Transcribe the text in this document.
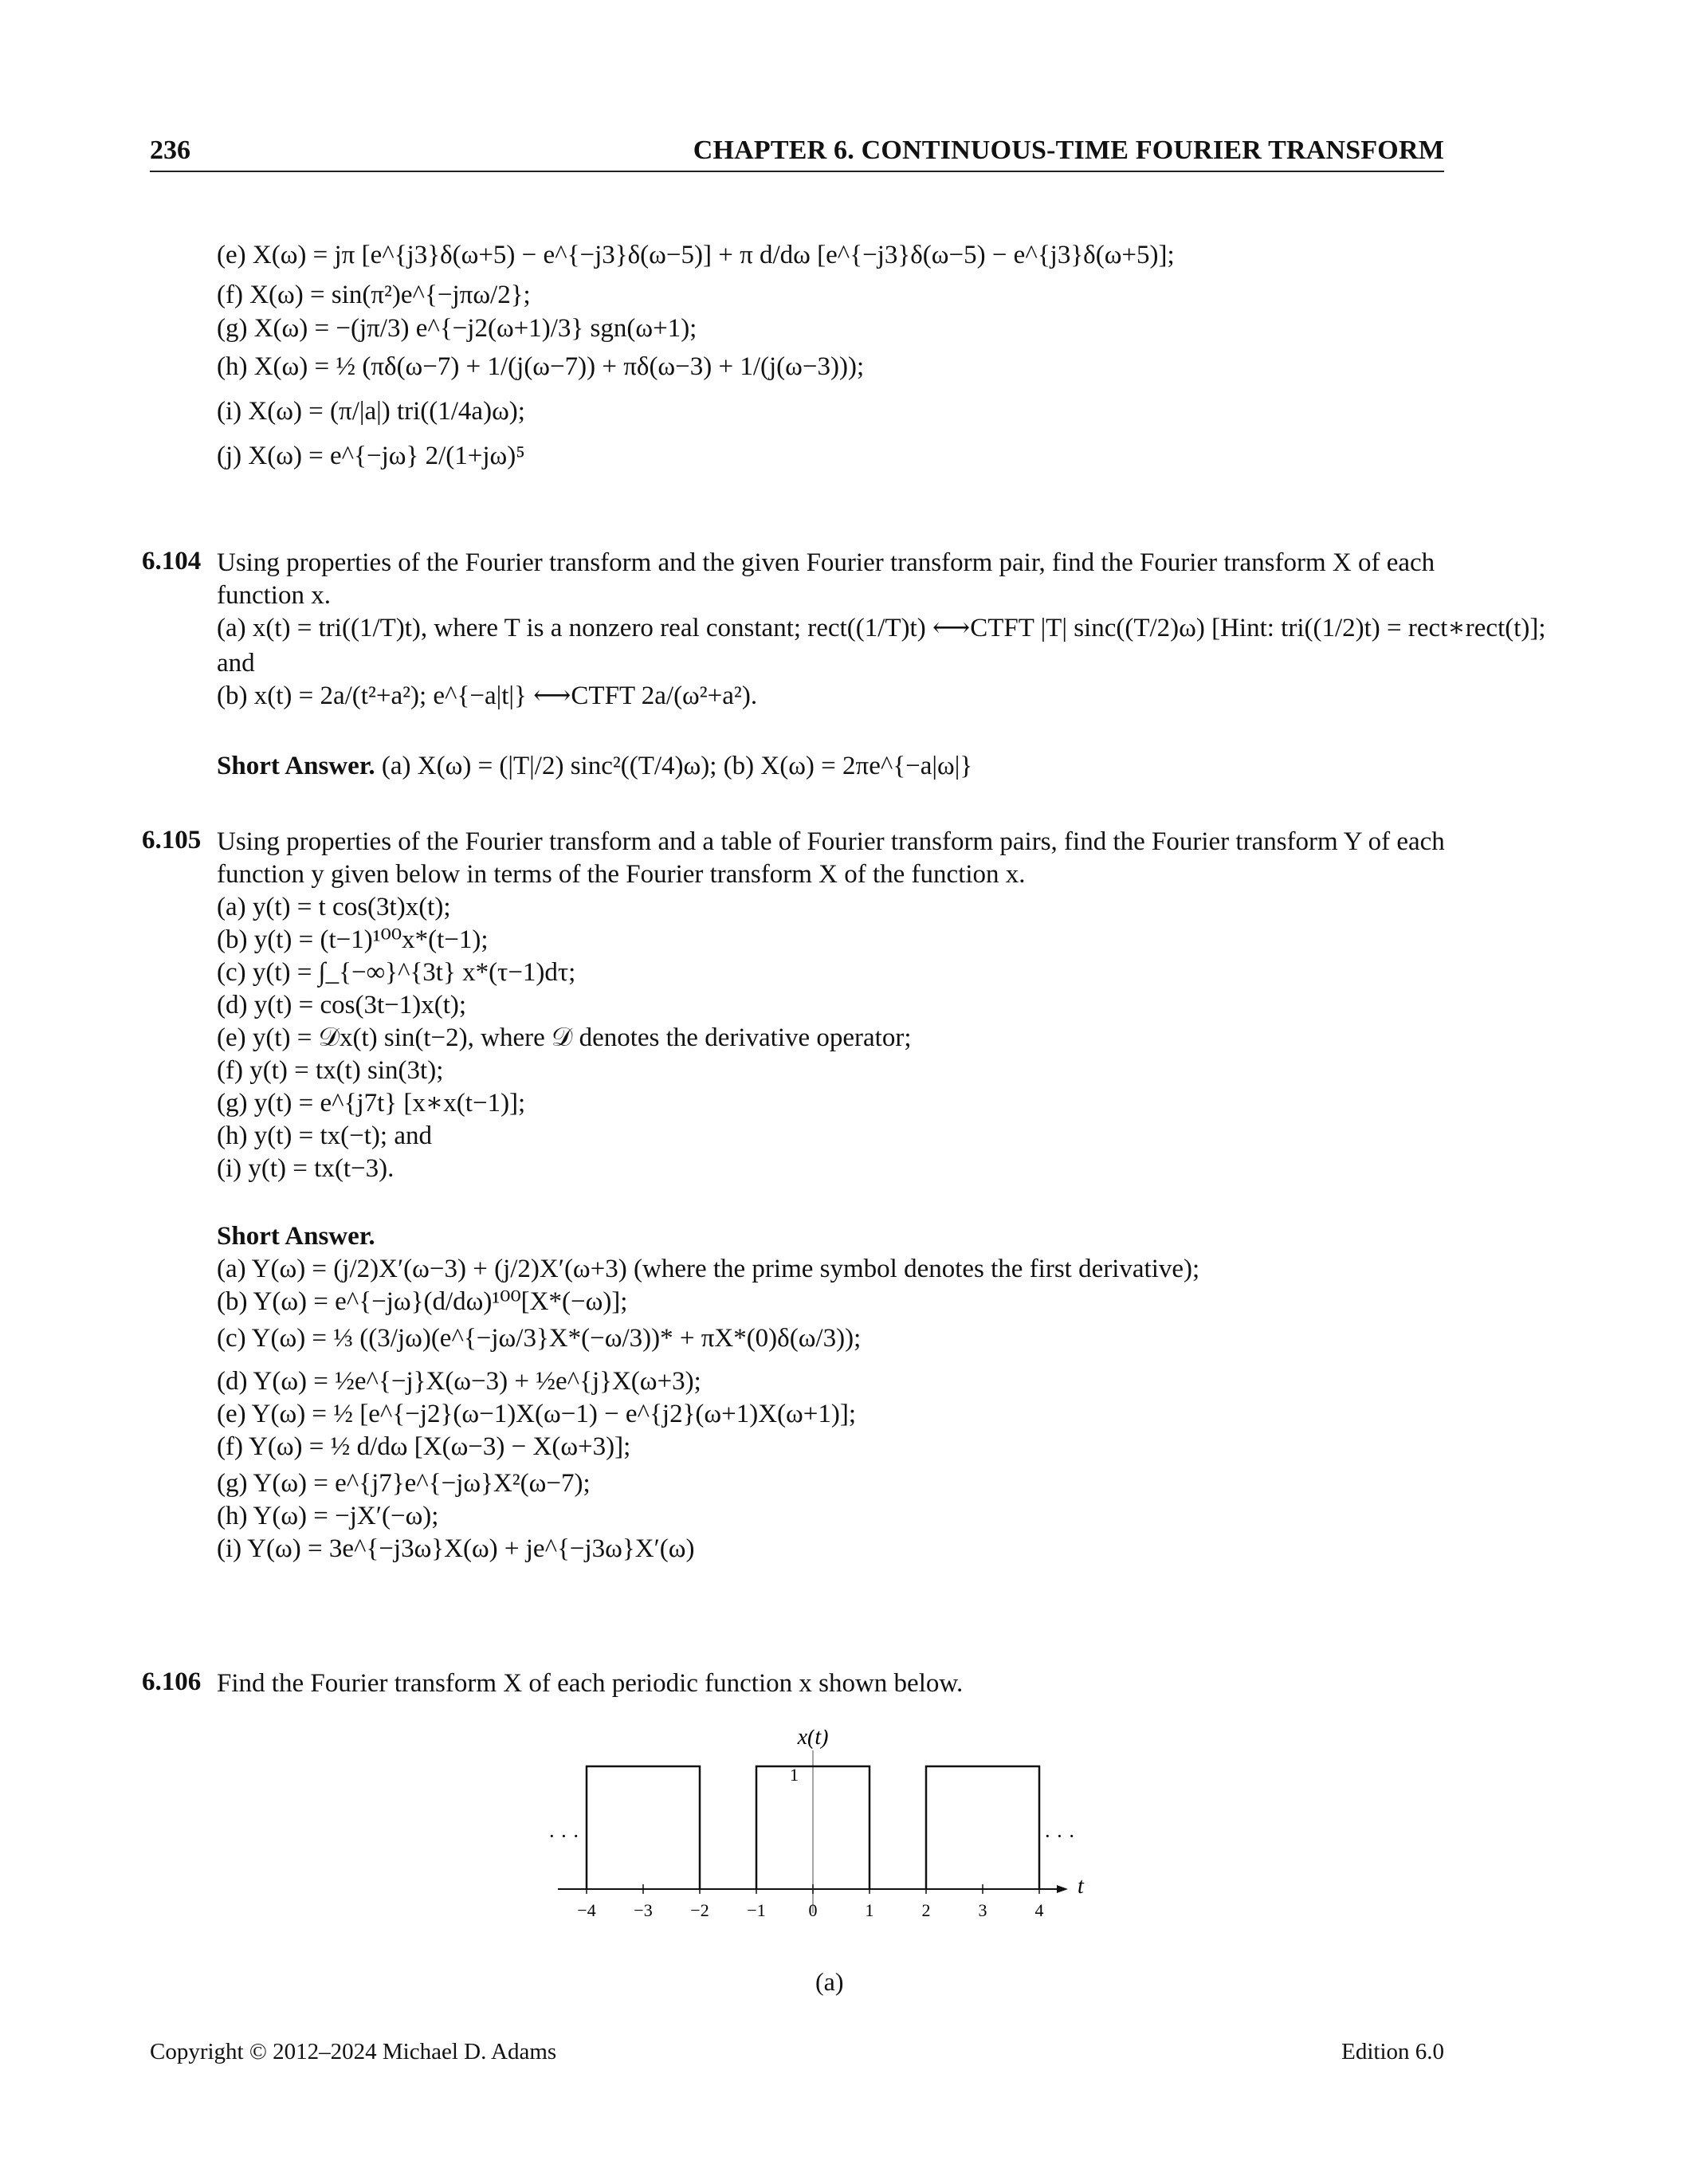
236	CHAPTER 6. CONTINUOUS-TIME FOURIER TRANSFORM
(e) X(ω) = jπ [e^{j3}δ(ω+5) − e^{−j3}δ(ω−5)] + π d/dω [e^{−j3}δ(ω−5) − e^{j3}δ(ω+5)];
(f) X(ω) = sin(π²)e^{−jπω/2};
(g) X(ω) = −(jπ/3) e^{−j2(ω+1)/3} sgn(ω+1);
(h) X(ω) = ½ (πδ(ω−7) + 1/(j(ω−7)) + πδ(ω−3) + 1/(j(ω−3)));
(i) X(ω) = (π/|a|) tri((1/4a)ω);
(j) X(ω) = e^{−jω} 2/(1+jω)⁵
6.104 Using properties of the Fourier transform and the given Fourier transform pair, find the Fourier transform X of each function x.
(a) x(t) = tri((1/T)t), where T is a nonzero real constant; rect((1/T)t) ⟷CTFT |T| sinc((T/2)ω) [Hint: tri((1/2)t) = rect∗rect(t)];
and
(b) x(t) = 2a/(t²+a²); e^{−a|t|} ⟷CTFT 2a/(ω²+a²).
Short Answer. (a) X(ω) = (|T|/2) sinc²((T/4)ω); (b) X(ω) = 2πe^{−a|ω|}
6.105 Using properties of the Fourier transform and a table of Fourier transform pairs, find the Fourier transform Y of each function y given below in terms of the Fourier transform X of the function x.
(a) y(t) = t cos(3t)x(t);
(b) y(t) = (t−1)¹⁰⁰x*(t−1);
(c) y(t) = ∫_{−∞}^{3t} x*(τ−1)dτ;
(d) y(t) = cos(3t−1)x(t);
(e) y(t) = 𝒟x(t) sin(t−2), where 𝒟 denotes the derivative operator;
(f) y(t) = tx(t) sin(3t);
(g) y(t) = e^{j7t} [x∗x(t−1)];
(h) y(t) = tx(−t); and
(i) y(t) = tx(t−3).
Short Answer.
(a) Y(ω) = (j/2)X′(ω−3) + (j/2)X′(ω+3) (where the prime symbol denotes the first derivative);
(b) Y(ω) = e^{−jω}(d/dω)¹⁰⁰[X*(−ω)];
(c) Y(ω) = ⅓ ((3/jω)(e^{−jω/3}X*(−ω/3))* + πX*(0)δ(ω/3));
(d) Y(ω) = ½e^{−j}X(ω−3) + ½e^{j}X(ω+3);
(e) Y(ω) = ½ [e^{−j2}(ω−1)X(ω−1) − e^{j2}(ω+1)X(ω+1)];
(f) Y(ω) = ½ d/dω [X(ω−3) − X(ω+3)];
(g) Y(ω) = e^{j7}e^{−jω}X²(ω−7);
(h) Y(ω) = −jX′(−ω);
(i) Y(ω) = 3e^{−j3ω}X(ω) + je^{−j3ω}X′(ω)
6.106 Find the Fourier transform X of each periodic function x shown below.
x(t)
t
1
· · ·	· · ·
−4 −3 −2 −1 0	1	2	3	4
(a)
Copyright © 2012–2024 Michael D. Adams	Edition 6.0
